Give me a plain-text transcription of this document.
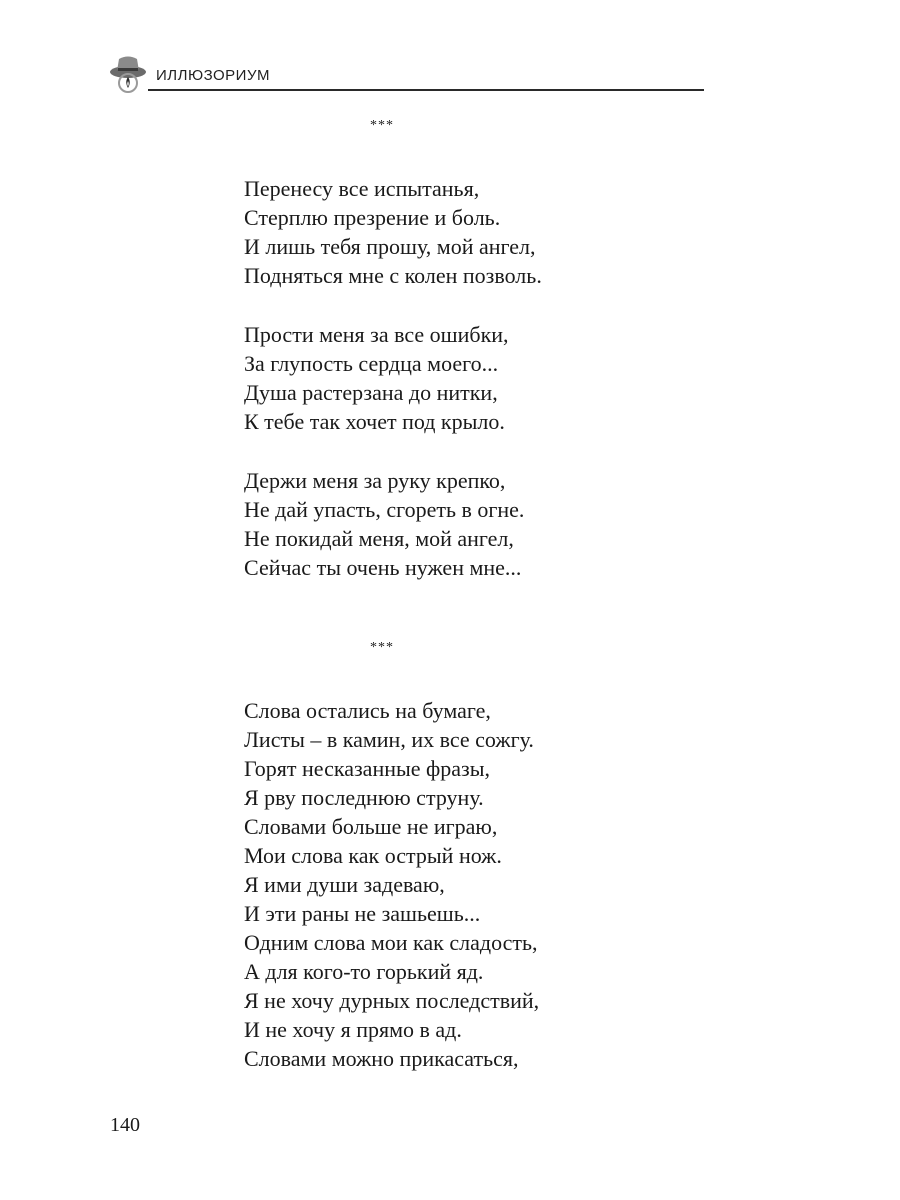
ИЛЛЮЗОРИУМ
***
Перенесу все испытанья,
Стерплю презрение и боль.
И лишь тебя прошу, мой ангел,
Подняться мне с колен позволь.
Прости меня за все ошибки,
За глупость сердца моего...
Душа растерзана до нитки,
К тебе так хочет под крыло.
Держи меня за руку крепко,
Не дай упасть, сгореть в огне.
Не покидай меня, мой ангел,
Сейчас ты очень нужен мне...
***
Слова остались на бумаге,
Листы – в камин, их все сожгу.
Горят несказанные фразы,
Я рву последнюю струну.
Словами больше не играю,
Мои слова как острый нож.
Я ими души задеваю,
И эти раны не зашьешь...
Одним слова мои как сладость,
А для кого-то горький яд.
Я не хочу дурных последствий,
И не хочу я прямо в ад.
Словами можно прикасаться,
140
